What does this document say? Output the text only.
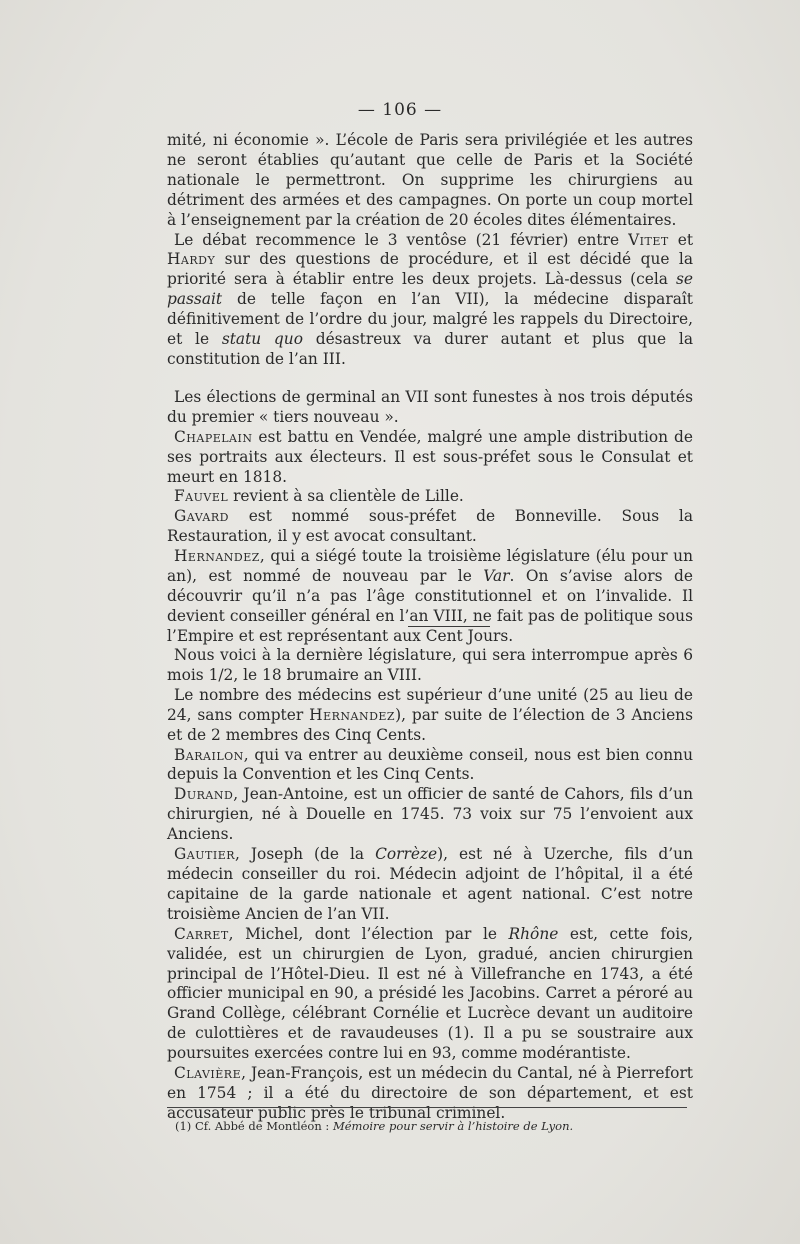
— 106 —

mité, ni économie ». L’école de Paris sera privilégiée et les autres ne seront établies qu’autant que celle de Paris et la Société nationale le permettront. On supprime les chirurgiens au détriment des armées et des campagnes. On porte un coup mortel à l’enseignement par la création de 20 écoles dites élémentaires.

Le débat recommence le 3 ventôse (21 février) entre Vitet et Hardy sur des questions de procédure, et il est décidé que la priorité sera à établir entre les deux projets. Là-dessus (cela se passait de telle façon en l’an VII), la médecine disparaît définitivement de l’ordre du jour, malgré les rappels du Directoire, et le statu quo désastreux va durer autant et plus que la constitution de l’an III.

Les élections de germinal an VII sont funestes à nos trois députés du premier « tiers nouveau ».

Chapelain est battu en Vendée, malgré une ample distribution de ses portraits aux électeurs. Il est sous-préfet sous le Consulat et meurt en 1818.

Fauvel revient à sa clientèle de Lille.

Gavard est nommé sous-préfet de Bonneville. Sous la Restauration, il y est avocat consultant.

Hernandez, qui a siégé toute la troisième législature (élu pour un an), est nommé de nouveau par le Var. On s’avise alors de découvrir qu’il n’a pas l’âge constitutionnel et on l’invalide. Il devient conseiller général en l’an VIII, ne fait pas de politique sous l’Empire et est représentant aux Cent Jours.

Nous voici à la dernière législature, qui sera interrompue après 6 mois 1/2, le 18 brumaire an VIII.

Le nombre des médecins est supérieur d’une unité (25 au lieu de 24, sans compter Hernandez), par suite de l’élection de 3 Anciens et de 2 membres des Cinq Cents.

Barailon, qui va entrer au deuxième conseil, nous est bien connu depuis la Convention et les Cinq Cents.

Durand, Jean-Antoine, est un officier de santé de Cahors, fils d’un chirurgien, né à Douelle en 1745. 73 voix sur 75 l’envoient aux Anciens.

Gautier, Joseph (de la Corrèze), est né à Uzerche, fils d’un médecin conseiller du roi. Médecin adjoint de l’hôpital, il a été capitaine de la garde nationale et agent national. C’est notre troisième Ancien de l’an VII.

Carret, Michel, dont l’élection par le Rhône est, cette fois, validée, est un chirurgien de Lyon, gradué, ancien chirurgien principal de l’Hôtel-Dieu. Il est né à Villefranche en 1743, a été officier municipal en 90, a présidé les Jacobins. Carret a péroré au Grand Collège, célébrant Cornélie et Lucrèce devant un auditoire de culottières et de ravaudeuses (1). Il a pu se soustraire aux poursuites exercées contre lui en 93, comme modérantiste.

Clavière, Jean-François, est un médecin du Cantal, né à Pierrefort en 1754 ; il a été du directoire de son département, et est accusateur public près le tribunal criminel.

(1) Cf. Abbé de Montléon : Mémoire pour servir à l’histoire de Lyon.
